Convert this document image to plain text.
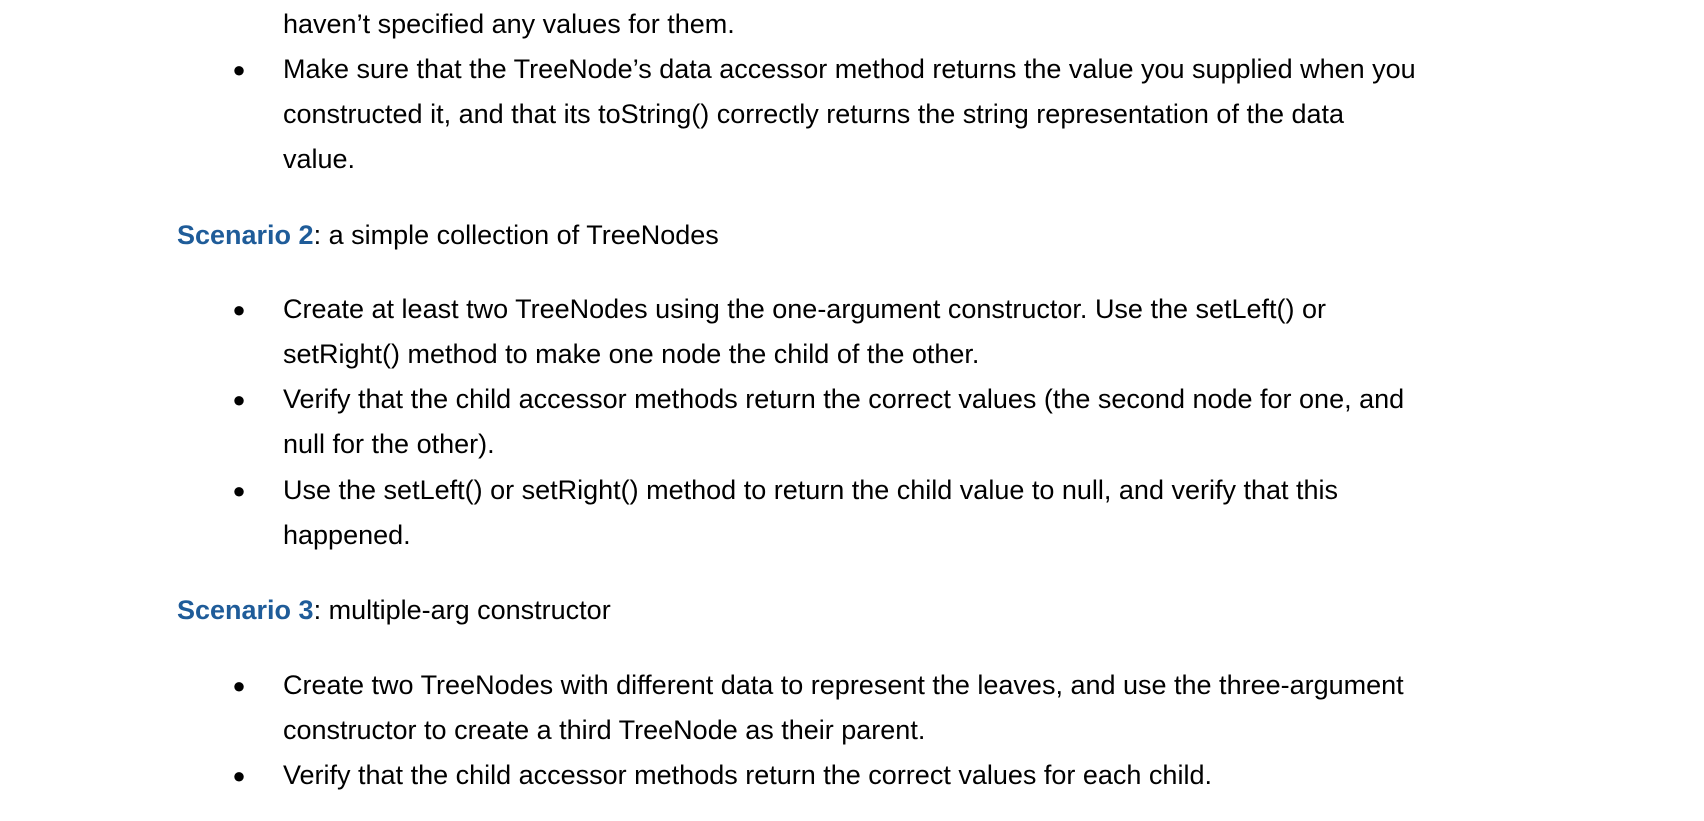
haven’t specified any values for them.
●	Make sure that the TreeNode’s data accessor method returns the value you supplied when you
constructed it, and that its toString() correctly returns the string representation of the data
value.
Scenario 2: a simple collection of TreeNodes
●	Create at least two TreeNodes using the one-argument constructor. Use the setLeft() or
setRight() method to make one node the child of the other.
●	Verify that the child accessor methods return the correct values (the second node for one, and
null for the other).
●	Use the setLeft() or setRight() method to return the child value to null, and verify that this
happened.
Scenario 3: multiple-arg constructor
●	Create two TreeNodes with different data to represent the leaves, and use the three-argument
constructor to create a third TreeNode as their parent.
●	Verify that the child accessor methods return the correct values for each child.
